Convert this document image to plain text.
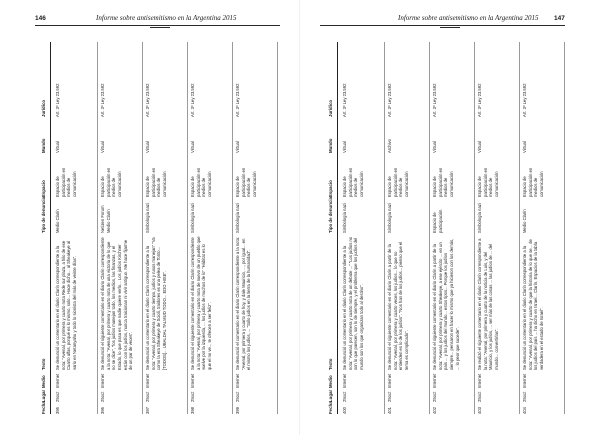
146	Informe sobre antisemitismo en la Argentina 2015
Fecha
Lugar
Medio
Texto
Tipo de denuncia
Espacio
Mundo
Jurídico
395
25oct
Internet
Se denunció un comentario en el diario Clarín correspondiente a la nota: "Avenal, por primera y cuarto nota Rede sur plaza, a hilo de ese Cuarto alfas, porqué es lo mismo, solo... Hace dicho... al Sheakeye al vario en Netanyahu y todo lo sionista del más de veinte días".
Medio Clarín
Espacio de participación en medios de comunicación
Virtual
Art. 3º Ley 23.592
396
25oct
Internet
Se denunció el siguiente comentario en el diario Clarín correspondiente a la nota: "Avenal, por primera y cuarto nota de una victoria de lo que no se dice", "los judíos manejan todo, los medios, las finanzas, y el Estado, lo que pasa es que nadie quiere verlo... Los judíos Kirchner están con los judíos, nunca traicionan ni vivir antiguo. Me hace fijarme de un par de veces".
Netizen Forum Medio Clarín
Espacio de participación en medios de comunicación
Virtual
Art. 3º Ley 23.592
397
25oct
Internet
Se denunció un comentario en el diario Clarín correspondiente a la nota: "Avenal, por primera y cuarto tiempo, judíos y rusos manejan" "Va como la era Sheakeye de Scioli, traidores es una pelea de Tonto... [TODOS]... UBALDAL TALMUD TODO... EDO HISE".
Simbología nazi
Espacio de participación en medios de comunicación
Virtual
Art. 3º Ley 23.592
398
25oct
Internet
Se denunció el siguiente comentario en el diario Clarín correspondiente a la nota: "Avenal, por primera y cuarto nota de nuevo de un pueblo que vuelve por la izquierda, ... los judíos de muchos de lo" "Hábitat es lo que el no ve... te ofrecen a ser feliz".
Simbología nazi
Espacio de participación en medios de comunicación
Virtual
Art. 3º Ley 23.592
399
25oct
Internet
Se denunció el comentario en el diario Clarín correspondiente a la nota: "Avenal, por primera y cuarto de hoy, y dale Mauricio, ..., por igual... en el mismo los judíos, ... "Sólo judíos en la tierra de la humanidad".
Simbología nazi
Espacio de participación en medios de comunicación
Virtual
Art. 3º Ley 23.592
Informe sobre antisemitismo en la Argentina 2015 147
Fecha
Lugar
Medio
Texto
Tipo de denuncia
Espacio
Mundo
Jurídico
400
25oct
Internet
Se denunció un comentario en el diario Clarín correspondiente a la nota: "Avenal, por primera y cuarto nota de un debate ..." "Los judíos no son lo que parecen, son lo de siempre, y el problema que los judíos del mundo son los que organizan todo al destino".
Simbología nazi
Espacio de participación en medios de comunicación
Virtual
Art. 3º Ley 23.592
401
25oct
Internet
Se denunció el siguiente comentario en el diario Clarín a partir de la nota: "Avenal, por primera y cuarto veces, los judíos... lo que no entienden es lo de los judíos". "Nos han de los judíos... pienso que el tema es complicado".
Simbología nazi
Espacio de participación en medios de comunicación
Archivo
Art. 3º Ley 23.592
402
25oct
Internet
Se denunció el siguiente comentario en el diario Clarín a partir de la nota: "Avenal, por primera y cuarto Sheakeye, a ese ejército ... en un país ... y los judíos del mundo... estos tipos... Porque los judíos siempre... pensaron en hacer lo mismo que ya hicieron con los demás, ... lo peor que sucede".
Espacio de participación
Espacio de participación en medios de comunicación
Virtual
Art. 3º Ley 23.592
403
25oct
Internet
Se realizó el siguiente comentario en el diario Clarín correspondiente a la nota: "Avenal, por primera y cuarto de la noticia de Luis, y del Mauricio, y los judíos, ... ser más de las cosas ... las judíos de ... del mundo... convertirlas".
Simbología nazi
Espacio de participación en medios de comunicación
Virtual
Art. 3º Ley 23.592
404
25oct
Internet
Se denunció un comentario en el diario Clarín correspondiente a la nota: "Avenal, por primera y cuarto de que la historia de lo que se... de los judíos del país ... ha dicho en Israel... Clarín, Espacios de la tabla verdadera en el estado de Israel".
Medio Clarín
Espacio de participación en medios de comunicación
Virtual
Art. 3º Ley 23.592
